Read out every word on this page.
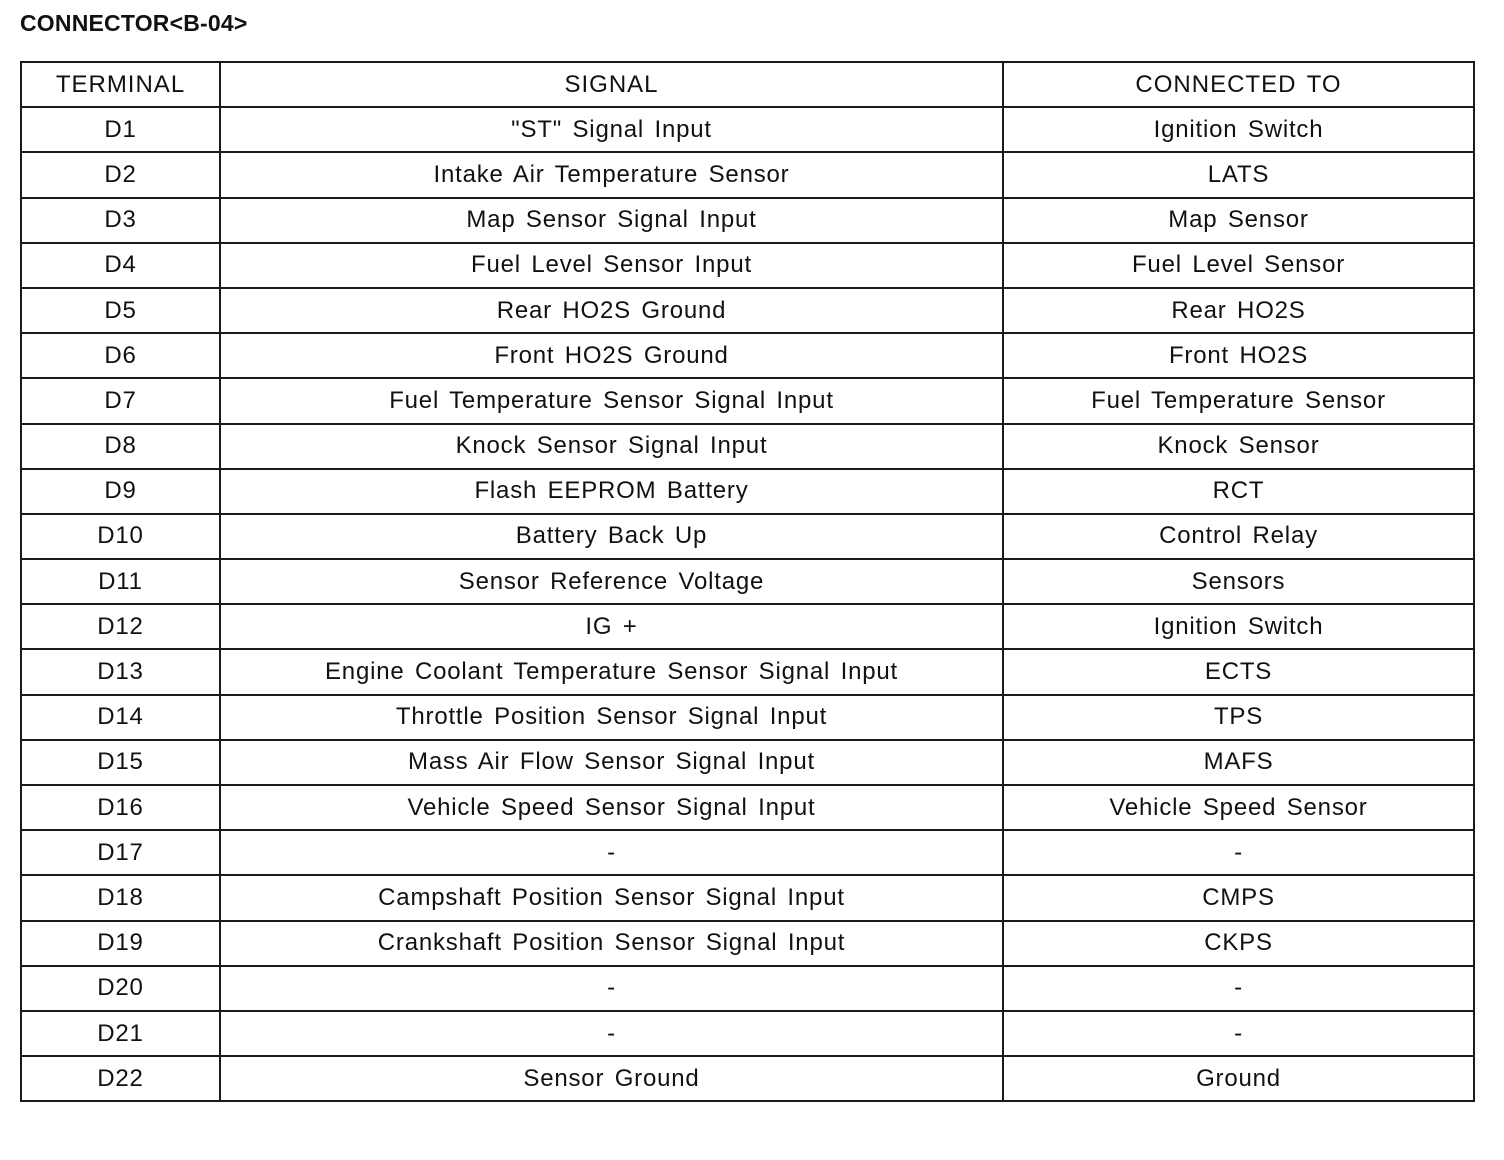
CONNECTOR<B-04>
TERMINAL	SIGNAL	CONNECTED TO
D1	"ST" Signal Input	Ignition Switch
D2	Intake Air Temperature Sensor	LATS
D3	Map Sensor Signal Input	Map Sensor
D4	Fuel Level Sensor Input	Fuel Level Sensor
D5	Rear HO2S Ground	Rear HO2S
D6	Front HO2S Ground	Front HO2S
D7	Fuel Temperature Sensor Signal Input	Fuel Temperature Sensor
D8	Knock Sensor Signal Input	Knock Sensor
D9	Flash EEPROM Battery	RCT
D10	Battery Back Up	Control Relay
D11	Sensor Reference Voltage	Sensors
D12	IG +	Ignition Switch
D13	Engine Coolant Temperature Sensor Signal Input	ECTS
D14	Throttle Position Sensor Signal Input	TPS
D15	Mass Air Flow Sensor Signal Input	MAFS
D16	Vehicle Speed Sensor Signal Input	Vehicle Speed Sensor
D17	-	-
D18	Campshaft Position Sensor Signal Input	CMPS
D19	Crankshaft Position Sensor Signal Input	CKPS
D20	-	-
D21	-	-
D22	Sensor Ground	Ground
